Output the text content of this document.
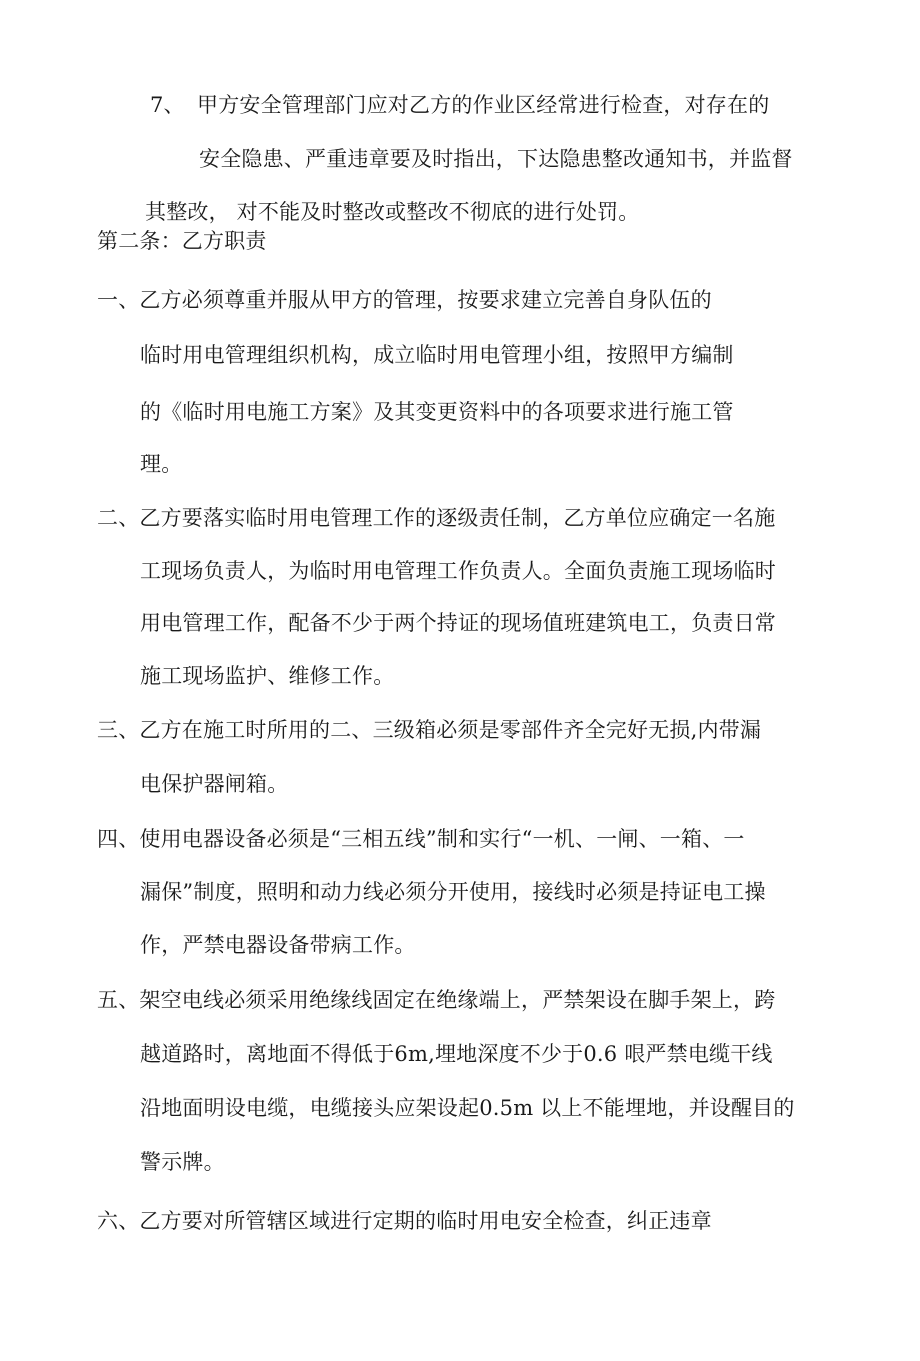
7、 甲方安全管理部门应对乙方的作业区经常进行检查，对存在的
安全隐患、严重违章要及时指出，下达隐患整改通知书，并监督
其整改， 对不能及时整改或整改不彻底的进行处罚。
第二条：乙方职责
一、乙方必须尊重并服从甲方的管理，按要求建立完善自身队伍的
临时用电管理组织机构，成立临时用电管理小组，按照甲方编制
的《临时用电施工方案》及其变更资料中的各项要求进行施工管
理。
二、乙方要落实临时用电管理工作的逐级责任制，乙方单位应确定一名施
工现场负责人，为临时用电管理工作负责人。全面负责施工现场临时
用电管理工作，配备不少于两个持证的现场值班建筑电工，负责日常
施工现场监护、维修工作。
三、乙方在施工时所用的二、三级箱必须是零部件齐全完好无损,内带漏
电保护器闸箱。
四、使用电器设备必须是“三相五线”制和实行“一机、一闸、一箱、一
漏保”制度，照明和动力线必须分开使用，接线时必须是持证电工操
作，严禁电器设备带病工作。
五、架空电线必须采用绝缘线固定在绝缘端上，严禁架设在脚手架上，跨
越道路时，离地面不得低于6m,埋地深度不少于0.6 哏严禁电缆干线
沿地面明设电缆，电缆接头应架设起0.5m 以上不能埋地，并设醒目的
警示牌。
六、乙方要对所管辖区域进行定期的临时用电安全检查，纠正违章
